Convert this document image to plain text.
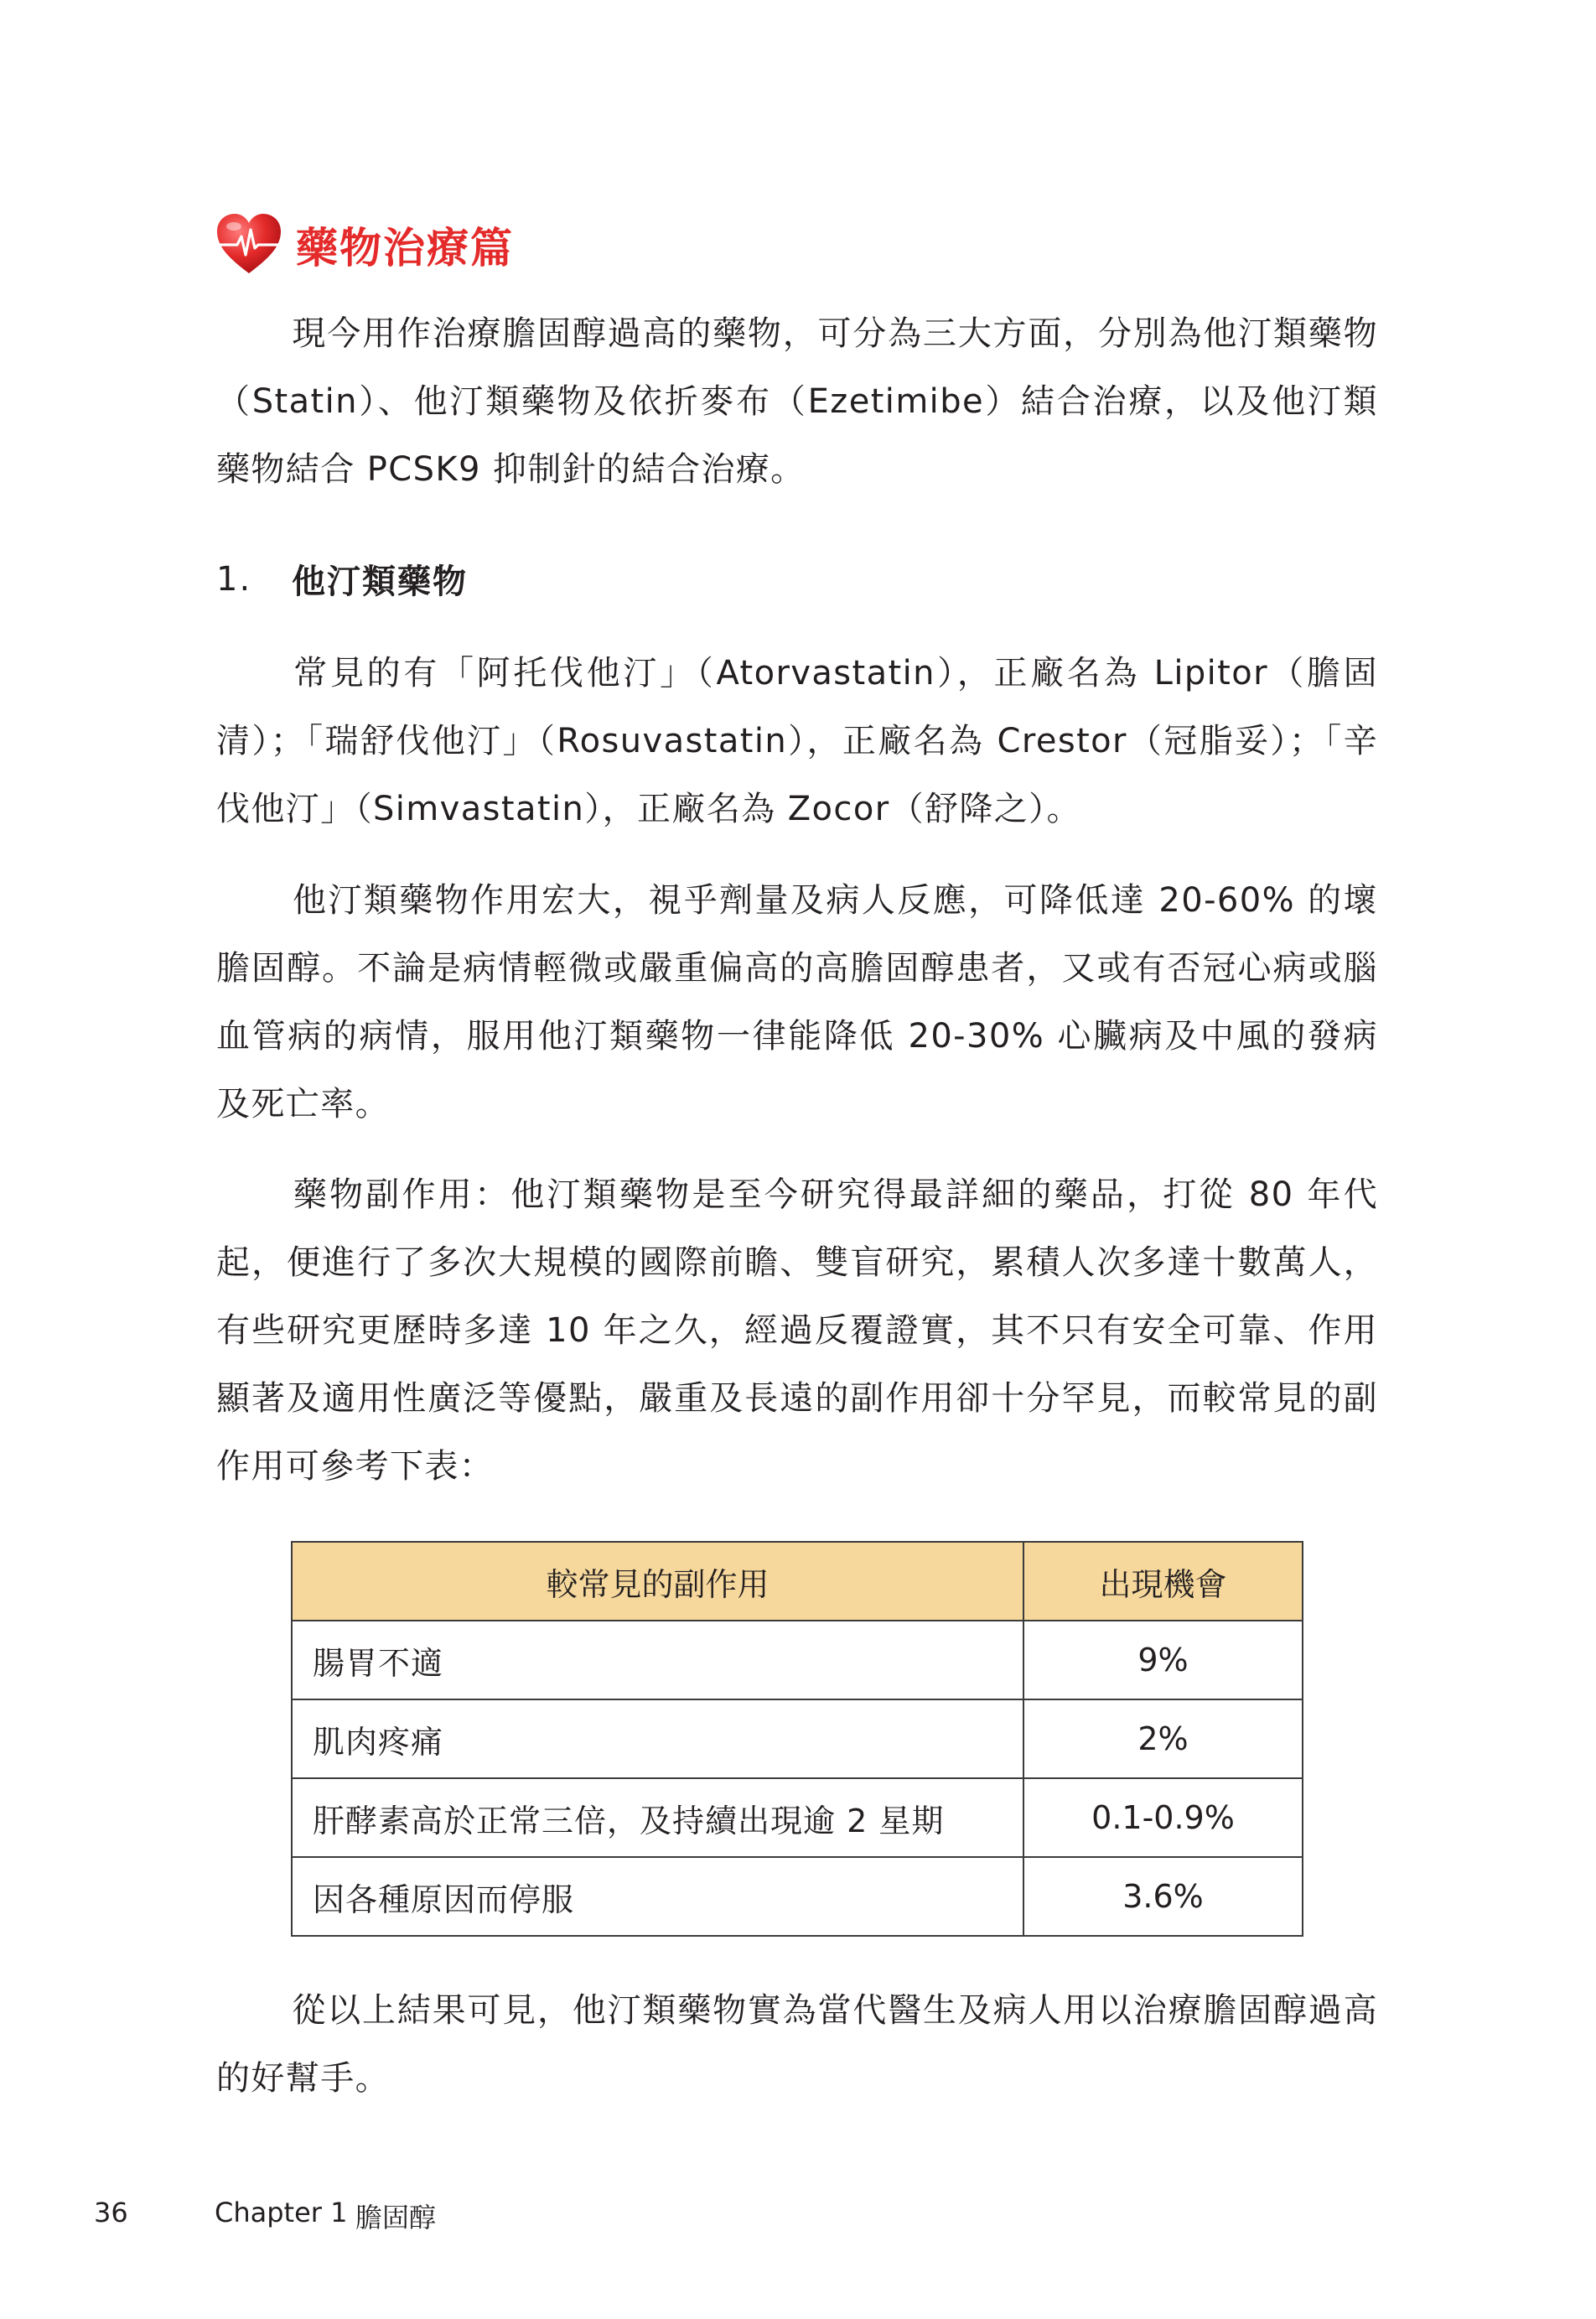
藥物治療篇

現今用作治療膽固醇過高的藥物，可分為三大方面，分別為他汀類藥物（Statin）、他汀類藥物及依折麥布（Ezetimibe）結合治療，以及他汀類藥物結合 PCSK9 抑制針的結合治療。

1.	他汀類藥物

常見的有「阿托伐他汀」（Atorvastatin），正廠名為 Lipitor（膽固清）；「瑞舒伐他汀」（Rosuvastatin），正廠名為 Crestor（冠脂妥）；「辛伐他汀」（Simvastatin），正廠名為 Zocor（舒降之）。

他汀類藥物作用宏大，視乎劑量及病人反應，可降低達 20-60% 的壞膽固醇。不論是病情輕微或嚴重偏高的高膽固醇患者，又或有否冠心病或腦血管病的病情，服用他汀類藥物一律能降低 20-30% 心臟病及中風的發病及死亡率。

藥物副作用：他汀類藥物是至今研究得最詳細的藥品，打從 80 年代起，便進行了多次大規模的國際前瞻、雙盲研究，累積人次多達十數萬人，有些研究更歷時多達 10 年之久，經過反覆證實，其不只有安全可靠、作用顯著及適用性廣泛等優點，嚴重及長遠的副作用卻十分罕見，而較常見的副作用可參考下表：

較常見的副作用	出現機會
腸胃不適	9%
肌肉疼痛	2%
肝酵素高於正常三倍，及持續出現逾 2 星期	0.1-0.9%
因各種原因而停服	3.6%

從以上結果可見，他汀類藥物實為當代醫生及病人用以治療膽固醇過高的好幫手。

36	Chapter 1 膽固醇
